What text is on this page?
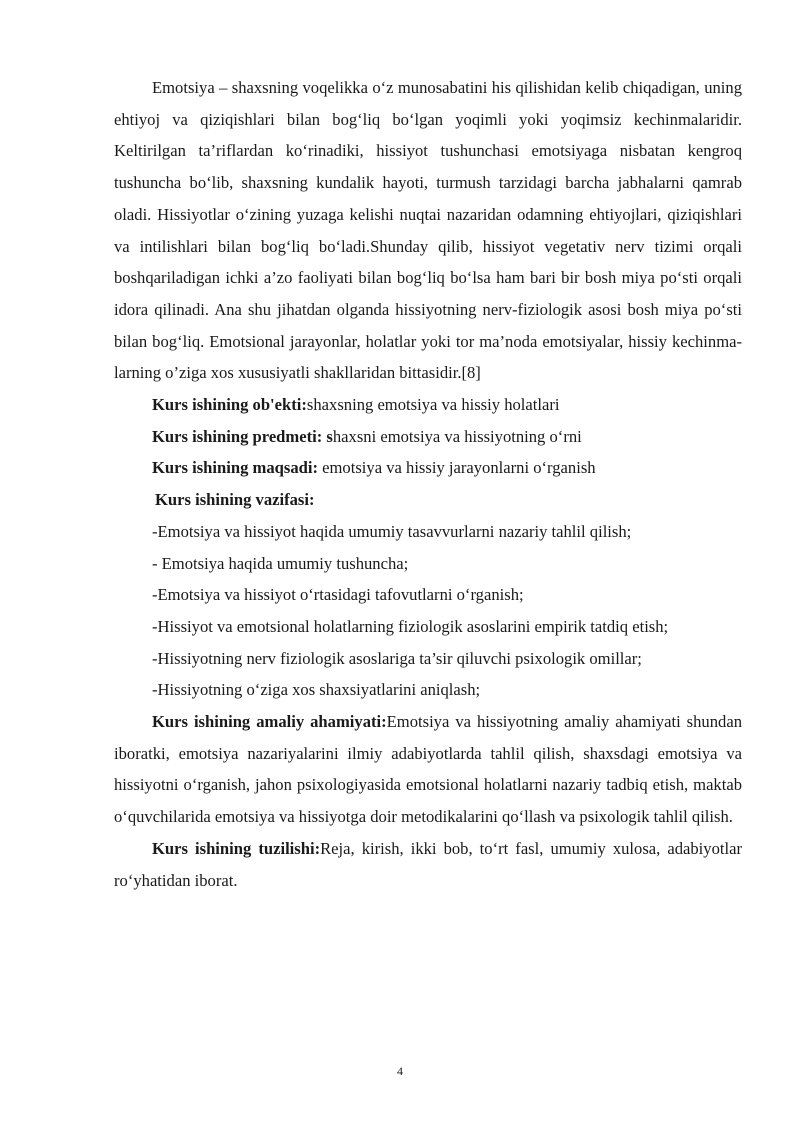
Emotsiya – shaxsning voqelikka o‘z munosabatini his qilishidan kelib chiqadigan, uning ehtiyoj va qiziqishlari bilan bog‘liq bo‘lgan yoqimli yoki yoqimsiz kechinmalaridir. Keltirilgan ta’riflardan ko‘rinadiki, hissiyot tushunchasi emotsiyaga nisbatan kengroq tushuncha bo‘lib, shaxsning kundalik hayoti, turmush tarzidagi barcha jabhalarni qamrab oladi. Hissiyotlar o‘zining yuzaga kelishi nuqtai nazaridan odamning ehtiyojlari, qiziqishlari va intilishlari bilan bog‘liq bo‘ladi.Shunday qilib, hissiyot vegetativ nerv tizimi orqali boshqariladigan ichki a’zo faoliyati bilan bog‘liq bo‘lsa ham bari bir bosh miya po‘sti orqali idora qilinadi. Ana shu jihatdan olganda hissiyotning nerv-fiziologik asosi bosh miya po‘sti bilan bog‘liq. Emotsional jarayonlar, holatlar yoki tor ma’noda emotsiyalar, hissiy kechinma-larning o’ziga xos xususiyatli shakllaridan bittasidir.[8]

Kurs ishining ob'ekti:shaxsning emotsiya va hissiy holatlari

Kurs ishining predmeti: shaxsni emotsiya va hissiyotning o‘rni

Kurs ishining maqsadi: emotsiya va hissiy jarayonlarni o‘rganish

Kurs ishining vazifasi:

-Emotsiya va hissiyot haqida umumiy tasavvurlarni nazariy tahlil qilish;

- Emotsiya haqida umumiy tushuncha;

-Emotsiya va hissiyot o‘rtasidagi tafovutlarni o‘rganish;

-Hissiyot va emotsional holatlarning fiziologik asoslarini empirik tatdiq etish;

-Hissiyotning nerv fiziologik asoslariga ta’sir qiluvchi psixologik omillar;

-Hissiyotning o‘ziga xos shaxsiyatlarini aniqlash;

Kurs ishining amaliy ahamiyati:Emotsiya va hissiyotning amaliy ahamiyati shundan iboratki, emotsiya nazariyalarini ilmiy adabiyotlarda tahlil qilish, shaxsdagi emotsiya va hissiyotni o‘rganish, jahon psixologiyasida emotsional holatlarni nazariy tadbiq etish, maktab o‘quvchilarida emotsiya va hissiyotga doir metodikalarini qo‘llash va psixologik tahlil qilish.

Kurs ishining tuzilishi:Reja, kirish, ikki bob, to‘rt fasl, umumiy xulosa, adabiyotlar ro‘yhatidan iborat.

4
